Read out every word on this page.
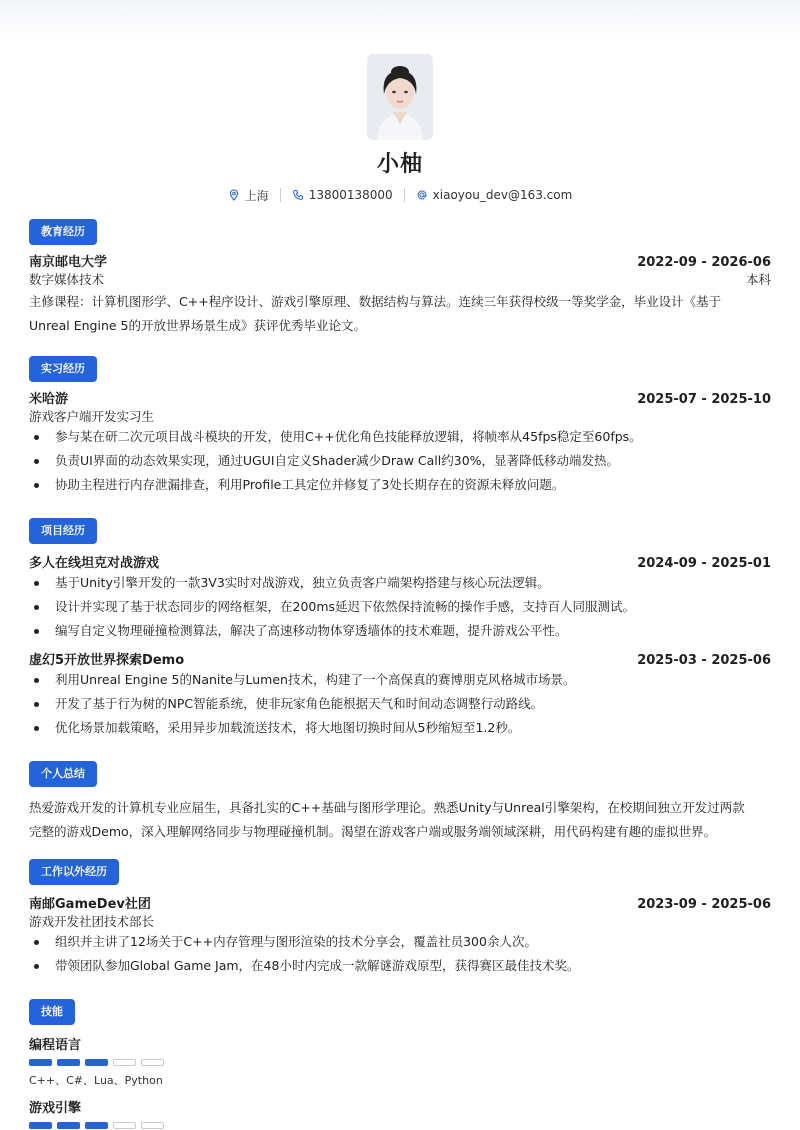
小柚
上海	13800138000	xiaoyou_dev@163.com
教育经历
南京邮电大学	2022-09 - 2026-06
数字媒体技术	本科
主修课程：计算机图形学、C++程序设计、游戏引擎原理、数据结构与算法。连续三年获得校级一等奖学金，毕业设计《基于
Unreal Engine 5的开放世界场景生成》获评优秀毕业论文。
实习经历
米哈游	2025-07 - 2025-10
游戏客户端开发实习生
参与某在研二次元项目战斗模块的开发，使用C++优化角色技能释放逻辑，将帧率从45fps稳定至60fps。
负责UI界面的动态效果实现，通过UGUI自定义Shader减少Draw Call约30%，显著降低移动端发热。
协助主程进行内存泄漏排查，利用Profile工具定位并修复了3处长期存在的资源未释放问题。
项目经历
多人在线坦克对战游戏	2024-09 - 2025-01
基于Unity引擎开发的一款3V3实时对战游戏，独立负责客户端架构搭建与核心玩法逻辑。
设计并实现了基于状态同步的网络框架，在200ms延迟下依然保持流畅的操作手感，支持百人同服测试。
编写自定义物理碰撞检测算法，解决了高速移动物体穿透墙体的技术难题，提升游戏公平性。
虚幻5开放世界探索Demo	2025-03 - 2025-06
利用Unreal Engine 5的Nanite与Lumen技术，构建了一个高保真的赛博朋克风格城市场景。
开发了基于行为树的NPC智能系统，使非玩家角色能根据天气和时间动态调整行动路线。
优化场景加载策略，采用异步加载流送技术，将大地图切换时间从5秒缩短至1.2秒。
个人总结
热爱游戏开发的计算机专业应届生，具备扎实的C++基础与图形学理论。熟悉Unity与Unreal引擎架构，在校期间独立开发过两款
完整的游戏Demo，深入理解网络同步与物理碰撞机制。渴望在游戏客户端或服务端领域深耕，用代码构建有趣的虚拟世界。
工作以外经历
南邮GameDev社团	2023-09 - 2025-06
游戏开发社团技术部长
组织并主讲了12场关于C++内存管理与图形渲染的技术分享会，覆盖社员300余人次。
带领团队参加Global Game Jam，在48小时内完成一款解谜游戏原型，获得赛区最佳技术奖。
技能
编程语言
C++、C#、Lua、Python
游戏引擎
